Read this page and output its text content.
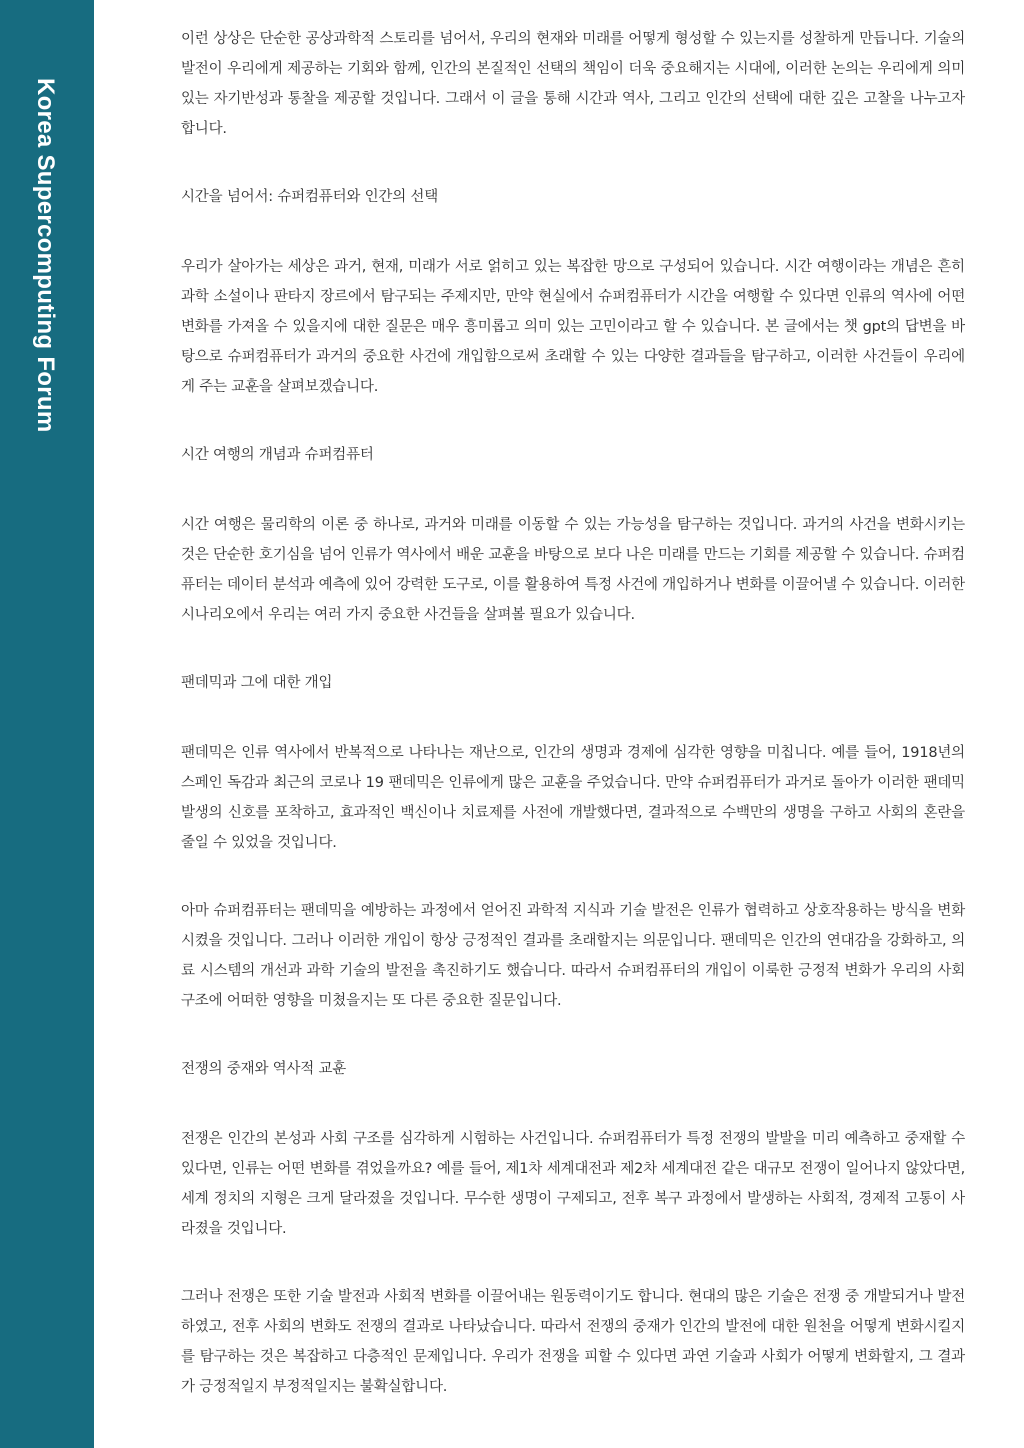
Korea Supercomputing Forum

이런 상상은 단순한 공상과학적 스토리를 넘어서, 우리의 현재와 미래를 어떻게 형성할 수 있는지를 성찰하게 만듭니다. 기술의 발전이 우리에게 제공하는 기회와 함께, 인간의 본질적인 선택의 책임이 더욱 중요해지는 시대에, 이러한 논의는 우리에게 의미 있는 자기반성과 통찰을 제공할 것입니다. 그래서 이 글을 통해 시간과 역사, 그리고 인간의 선택에 대한 깊은 고찰을 나누고자 합니다.

시간을 넘어서: 슈퍼컴퓨터와 인간의 선택

우리가 살아가는 세상은 과거, 현재, 미래가 서로 얽히고 있는 복잡한 망으로 구성되어 있습니다. 시간 여행이라는 개념은 흔히 과학 소설이나 판타지 장르에서 탐구되는 주제지만, 만약 현실에서 슈퍼컴퓨터가 시간을 여행할 수 있다면 인류의 역사에 어떤 변화를 가져올 수 있을지에 대한 질문은 매우 흥미롭고 의미 있는 고민이라고 할 수 있습니다. 본 글에서는 챗 gpt의 답변을 바탕으로 슈퍼컴퓨터가 과거의 중요한 사건에 개입함으로써 초래할 수 있는 다양한 결과들을 탐구하고, 이러한 사건들이 우리에게 주는 교훈을 살펴보겠습니다.

시간 여행의 개념과 슈퍼컴퓨터

시간 여행은 물리학의 이론 중 하나로, 과거와 미래를 이동할 수 있는 가능성을 탐구하는 것입니다. 과거의 사건을 변화시키는 것은 단순한 호기심을 넘어 인류가 역사에서 배운 교훈을 바탕으로 보다 나은 미래를 만드는 기회를 제공할 수 있습니다. 슈퍼컴퓨터는 데이터 분석과 예측에 있어 강력한 도구로, 이를 활용하여 특정 사건에 개입하거나 변화를 이끌어낼 수 있습니다. 이러한 시나리오에서 우리는 여러 가지 중요한 사건들을 살펴볼 필요가 있습니다.

팬데믹과 그에 대한 개입

팬데믹은 인류 역사에서 반복적으로 나타나는 재난으로, 인간의 생명과 경제에 심각한 영향을 미칩니다. 예를 들어, 1918년의 스페인 독감과 최근의 코로나 19 팬데믹은 인류에게 많은 교훈을 주었습니다. 만약 슈퍼컴퓨터가 과거로 돌아가 이러한 팬데믹 발생의 신호를 포착하고, 효과적인 백신이나 치료제를 사전에 개발했다면, 결과적으로 수백만의 생명을 구하고 사회의 혼란을 줄일 수 있었을 것입니다.

아마 슈퍼컴퓨터는 팬데믹을 예방하는 과정에서 얻어진 과학적 지식과 기술 발전은 인류가 협력하고 상호작용하는 방식을 변화시켰을 것입니다. 그러나 이러한 개입이 항상 긍정적인 결과를 초래할지는 의문입니다. 팬데믹은 인간의 연대감을 강화하고, 의료 시스템의 개선과 과학 기술의 발전을 촉진하기도 했습니다. 따라서 슈퍼컴퓨터의 개입이 이룩한 긍정적 변화가 우리의 사회 구조에 어떠한 영향을 미쳤을지는 또 다른 중요한 질문입니다.

전쟁의 중재와 역사적 교훈

전쟁은 인간의 본성과 사회 구조를 심각하게 시험하는 사건입니다. 슈퍼컴퓨터가 특정 전쟁의 발발을 미리 예측하고 중재할 수 있다면, 인류는 어떤 변화를 겪었을까요? 예를 들어, 제1차 세계대전과 제2차 세계대전 같은 대규모 전쟁이 일어나지 않았다면, 세계 정치의 지형은 크게 달라졌을 것입니다. 무수한 생명이 구제되고, 전후 복구 과정에서 발생하는 사회적, 경제적 고통이 사라졌을 것입니다.

그러나 전쟁은 또한 기술 발전과 사회적 변화를 이끌어내는 원동력이기도 합니다. 현대의 많은 기술은 전쟁 중 개발되거나 발전하였고, 전후 사회의 변화도 전쟁의 결과로 나타났습니다. 따라서 전쟁의 중재가 인간의 발전에 대한 원천을 어떻게 변화시킬지를 탐구하는 것은 복잡하고 다층적인 문제입니다. 우리가 전쟁을 피할 수 있다면 과연 기술과 사회가 어떻게 변화할지, 그 결과가 긍정적일지 부정적일지는 불확실합니다.
